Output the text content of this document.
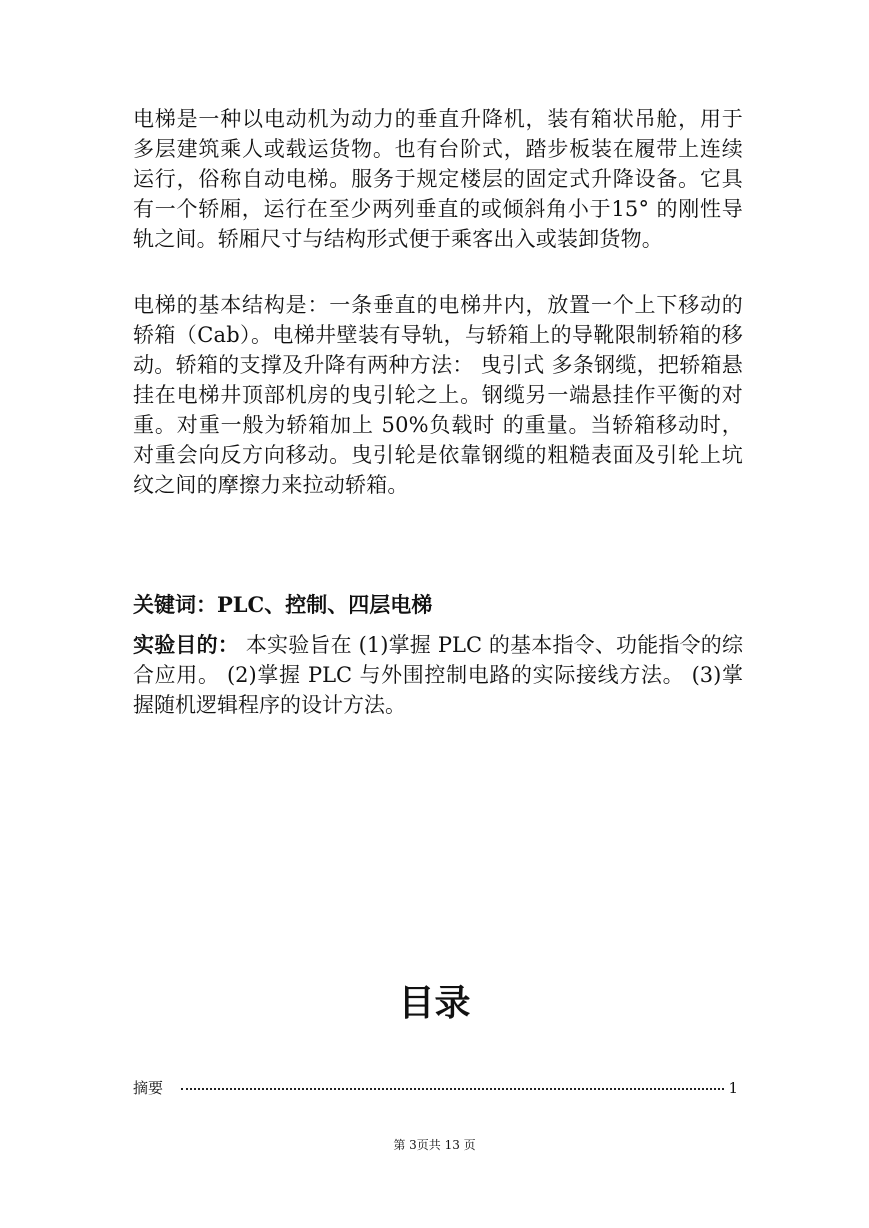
电梯是一种以电动机为动力的垂直升降机，装有箱状吊舱，用于多层建筑乘人或载运货物。也有台阶式，踏步板装在履带上连续运行，俗称自动电梯。服务于规定楼层的固定式升降设备。它具有一个轿厢，运行在至少两列垂直的或倾斜角小于15° 的刚性导轨之间。轿厢尺寸与结构形式便于乘客出入或装卸货物。

电梯的基本结构是：一条垂直的电梯井内，放置一个上下移动的轿箱（Cab）。电梯井壁装有导轨，与轿箱上的导靴限制轿箱的移动。轿箱的支撑及升降有两种方法： 曳引式 多条钢缆，把轿箱悬挂在电梯井顶部机房的曳引轮之上。钢缆另一端悬挂作平衡的对重。对重一般为轿箱加上 50%负载时 的重量。当轿箱移动时，对重会向反方向移动。曳引轮是依靠钢缆的粗糙表面及引轮上坑纹之间的摩擦力来拉动轿箱。

关键词：PLC、控制、四层电梯

实验目的： 本实验旨在 (1)掌握 PLC 的基本指令、功能指令的综合应用。 (2)掌握 PLC 与外围控制电路的实际接线方法。 (3)掌握随机逻辑程序的设计方法。

目录
摘要	1

第 3页共 13 页
